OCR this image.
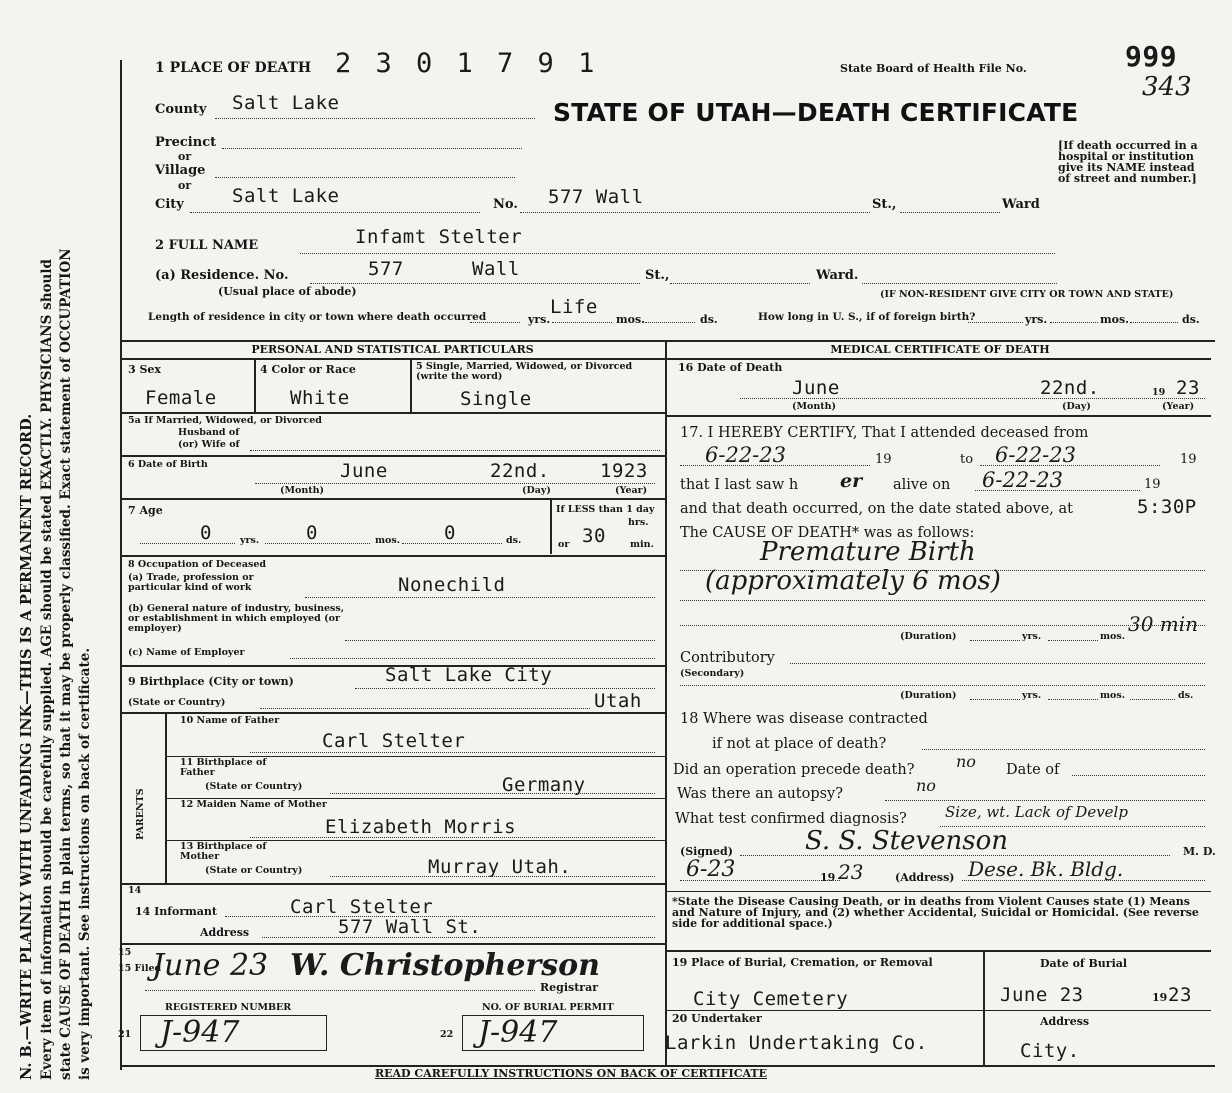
N. B.—WRITE PLAINLY WITH UNFADING INK—THIS IS A PERMANENT RECORD. Every item of information should be carefully supplied. AGE should be stated EXACTLY. PHYSICIANS should state CAUSE OF DEATH in plain terms, so that it may be properly classified. Exact statement of OCCUPATION is very important. See instructions on back of certificate.
1 PLACE OF DEATH 2 3 0 1 7 9 1	State Board of Health File No.	999
343
STATE OF UTAH—DEATH CERTIFICATE
County Salt Lake
Precinct
or
Village
or
City	Salt Lake	No. 577 Wall	St.,	Ward
[If death occurred in a hospital or institution give its NAME instead of street and number.]
2 FULL NAME	Infamt Stelter
(a) Residence. No.	577	Wall	St.,	Ward.
(Usual place of abode)	(IF NON-RESIDENT GIVE CITY OR TOWN AND STATE)
Length of residence in city or town where death occurred	yrs.
Life
mos.	ds.	How long in U. S., if of foreign birth?	yrs.	mos.	ds.
PERSONAL AND STATISTICAL PARTICULARS
3 Sex
Female
4 Color or Race
White
5 Single, Married, Widowed, or Divorced (write the word)
Single
5a If Married, Widowed, or Divorced
Husband of
(or) Wife of
6 Date of Birth	June	22nd.	1923
(Month)	(Day)	(Year)
7 Age
0	yrs. 0	mos. 0	ds.
If LESS than 1 day
hrs.
or 30	min.
8 Occupation of Deceased
(a) Trade, profession or particular kind of work	Nonechild
(b) General nature of industry, business, or establishment in which employed (or employer)
(c) Name of Employer
9 Birthplace (City or town)	Salt Lake City
(State or Country)	Utah
PARENTS
10 Name of Father
Carl Stelter
11 Birthplace of Father
(State or Country)	Germany
12 Maiden Name of Mother
Elizabeth Morris
13 Birthplace of Mother
(State or Country)	Murray Utah.
14
14 Informant	Carl Stelter
Address	577 Wall St.
15
15 Filed
June 23 W. Christopherson
Registrar
REGISTERED NUMBER	NO. OF BURIAL PERMIT
21 J-947	22 J-947
MEDICAL CERTIFICATE OF DEATH
16 Date of Death
June	22nd.	19 23
(Month)	(Day)	(Year)
17. I HEREBY CERTIFY, That I attended deceased from
6-22-23	19	to 6-22-23	19
that I last saw h er alive on 6-22-23	19
and that death occurred, on the date stated above, at	5:30P
The CAUSE OF DEATH* was as follows:
Premature Birth
(approximately 6 mos)
(Duration)	yrs.	mos.
30 min
Contributory
(Secondary)
(Duration)	yrs.	mos.	ds.
18 Where was disease contracted
if not at place of death?
Did an operation precede death?	no Date of
Was there an autopsy?	no
What test confirmed diagnosis?	Size, wt. Lack of Develp
(Signed)	S. S. Stevenson	M. D.
6-23	19 23	(Address) Dese. Bk. Bldg.
*State the Disease Causing Death, or in deaths from Violent Causes state (1) Means and Nature of Injury, and (2) whether Accidental, Suicidal or Homicidal. (See reverse side for additional space.)
19 Place of Burial, Cremation, or Removal
City Cemetery
Date of Burial
June 23	19 23
20 Undertaker	Address
Larkin Undertaking Co.	City.
READ CAREFULLY INSTRUCTIONS ON BACK OF CERTIFICATE
